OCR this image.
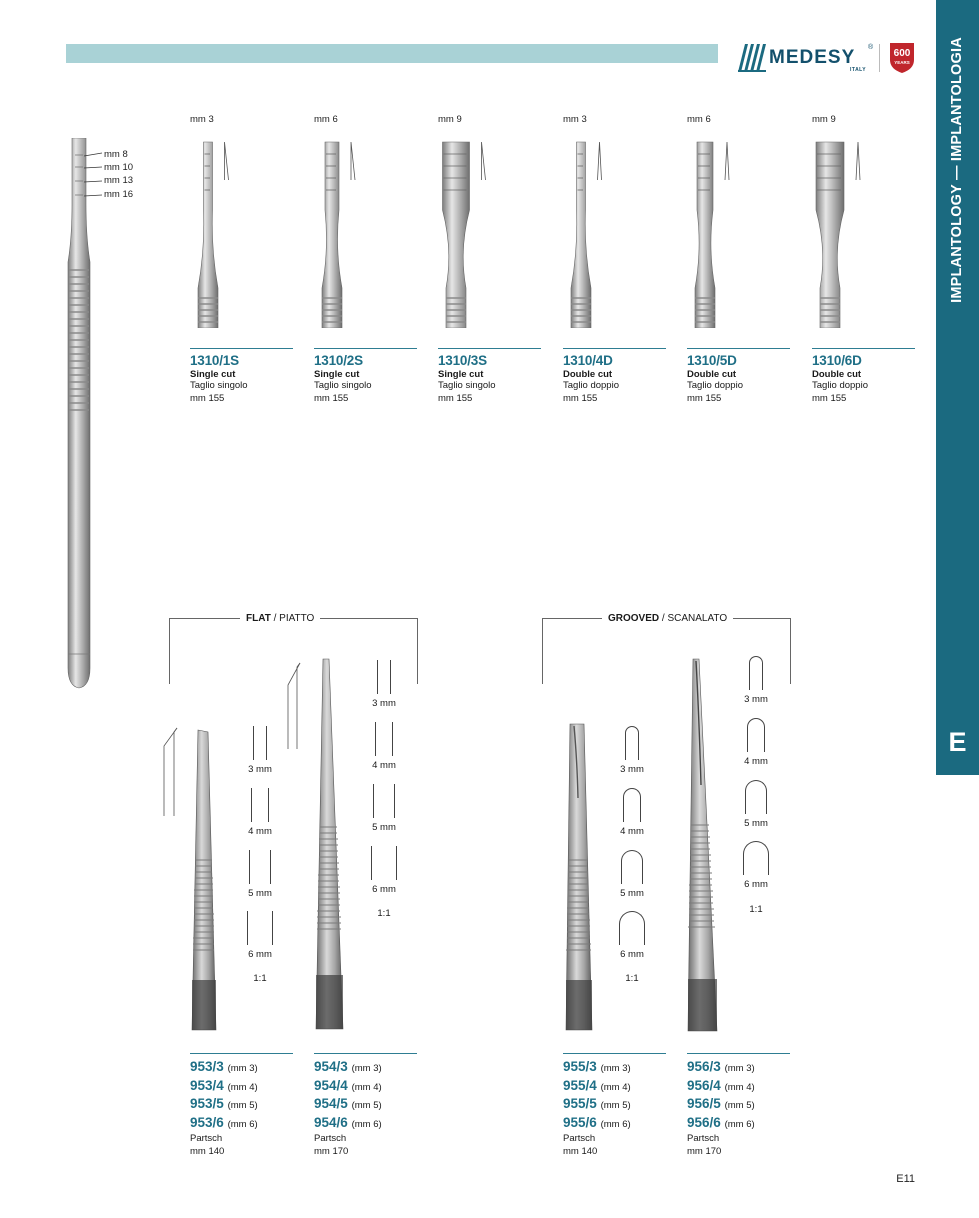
MEDESY ®
ITALY
600
YEARS	IMPLANTOLOGY — IMPLANTOLOGIA
E
mm 8
mm 10
mm 13
mm 16
mm 3
1310/1S
Single cut
Taglio singolo
mm 155
mm 6
1310/2S
Single cut
Taglio singolo
mm 155
mm 9
1310/3S
Single cut
Taglio singolo
mm 155
mm 3
1310/4D
Double cut
Taglio doppio
mm 155
mm 6
1310/5D
Double cut
Taglio doppio
mm 155
mm 9
1310/6D
Double cut
Taglio doppio
mm 155
FLAT / PIATTO	GROOVED / SCANALATO
3 mm
4 mm
5 mm
6 mm
1:1
3 mm
4 mm
5 mm
6 mm
1:1
3 mm
4 mm
5 mm
6 mm
1:1
3 mm
4 mm
5 mm
6 mm
1:1
953/3 (mm 3)
953/4 (mm 4)
953/5 (mm 5)
953/6 (mm 6)
Partsch
mm 140
954/3 (mm 3)
954/4 (mm 4)
954/5 (mm 5)
954/6 (mm 6)
Partsch
mm 170
955/3 (mm 3)
955/4 (mm 4)
955/5 (mm 5)
955/6 (mm 6)
Partsch
mm 140
956/3 (mm 3)
956/4 (mm 4)
956/5 (mm 5)
956/6 (mm 6)
Partsch
mm 170
E11
